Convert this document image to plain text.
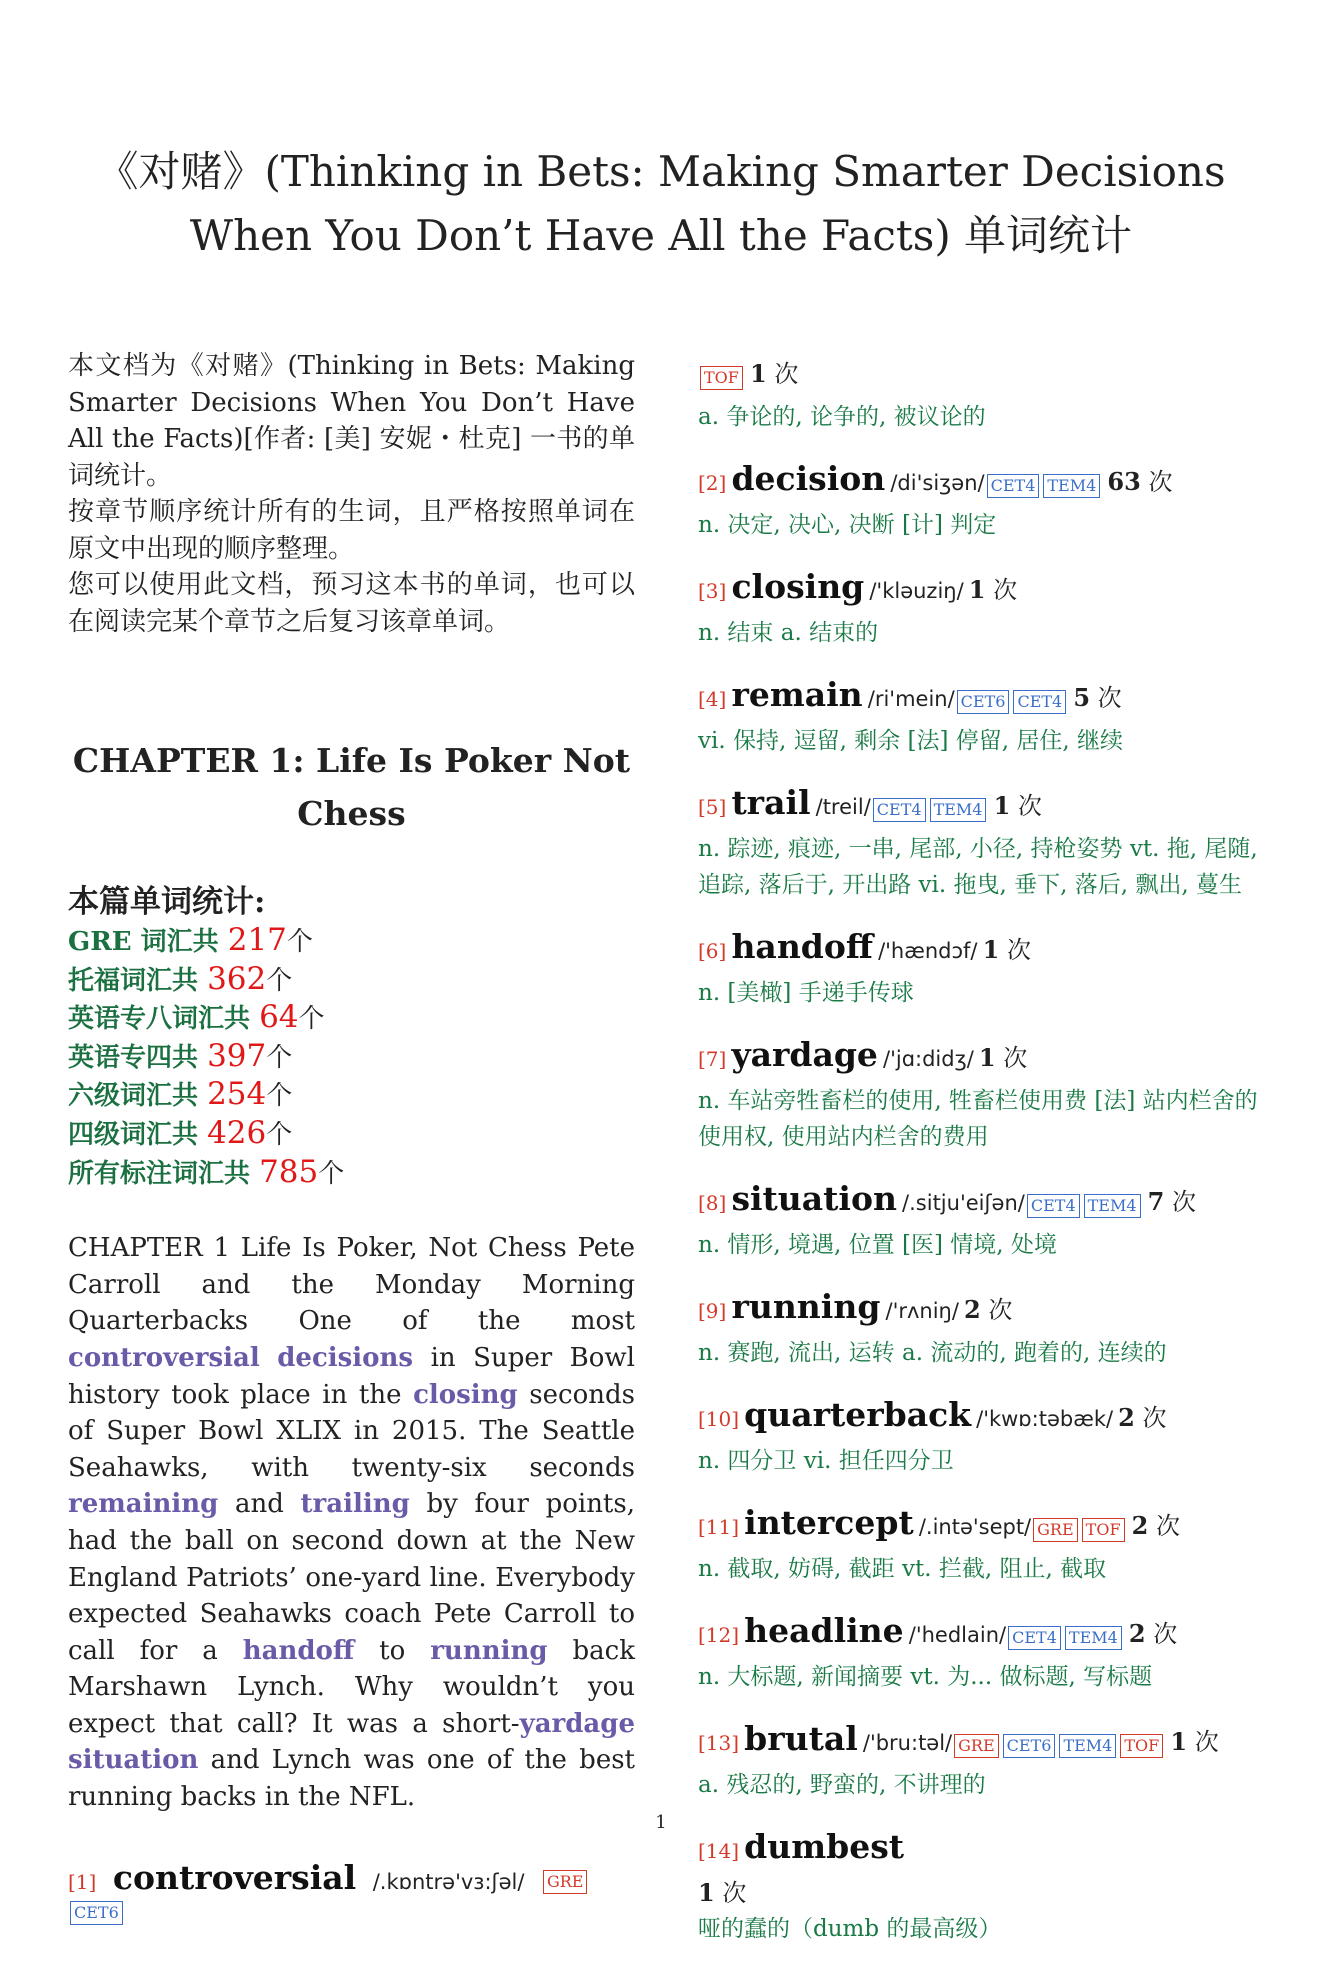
《对赌》(Thinking in Bets: Making Smarter Decisions When You Don’t Have All the Facts) 单词统计
本文档为《对赌》(Thinking in Bets: Making Smarter Decisions When You Don’t Have All the Facts)[作者: [美] 安妮・杜克] 一书的单词统计。
按章节顺序统计所有的生词，且严格按照单词在原文中出现的顺序整理。
您可以使用此文档，预习这本书的单词，也可以在阅读完某个章节之后复习该章单词。
CHAPTER 1: Life Is Poker Not Chess
本篇单词统计:
GRE 词汇共 217个
托福词汇共 362个
英语专八词汇共 64个
英语专四共 397个
六级词汇共 254个
四级词汇共 426个
所有标注词汇共 785个
CHAPTER 1 Life Is Poker, Not Chess Pete Carroll and the Monday Morning Quarterbacks One of the most controversial decisions in Super Bowl history took place in the closing seconds of Super Bowl XLIX in 2015. The Seattle Seahawks, with twenty-six seconds remaining and trailing by four points, had the ball on second down at the New England Patriots’ one-yard line. Everybody expected Seahawks coach Pete Carroll to call for a handoff to running back Marshawn Lynch. Why wouldn’t you expect that call? It was a short-yardage situation and Lynch was one of the best running backs in the NFL.
[1] controversial /.kɒntrə'vɜ:ʃəl/ GRE  CET6
TOF 1 次
a. 争论的, 论争的, 被议论的
[2] decision /di'siʒən/ CET4 TEM4 63 次
n. 决定, 决心, 决断 [计] 判定
[3] closing /'kləuziŋ/ 1 次
n. 结束 a. 结束的
[4] remain /ri'mein/ CET6 CET4 5 次
vi. 保持, 逗留, 剩余 [法] 停留, 居住, 继续
[5] trail /treil/ CET4 TEM4 1 次
n. 踪迹, 痕迹, 一串, 尾部, 小径, 持枪姿势 vt. 拖, 尾随, 追踪, 落后于, 开出路 vi. 拖曳, 垂下, 落后, 飘出, 蔓生
[6] handoff /'hændɔf/ 1 次
n. [美橄] 手递手传球
[7] yardage /'jɑ:didʒ/ 1 次
n. 车站旁牲畜栏的使用, 牲畜栏使用费 [法] 站内栏舍的使用权, 使用站内栏舍的费用
[8] situation /.sitju'eiʃən/ CET4 TEM4 7 次
n. 情形, 境遇, 位置 [医] 情境, 处境
[9] running /'rʌniŋ/ 2 次
n. 赛跑, 流出, 运转 a. 流动的, 跑着的, 连续的
[10] quarterback /'kwɒ:təbæk/ 2 次
n. 四分卫 vi. 担任四分卫
[11] intercept /.intə'sept/ GRE TOF 2 次
n. 截取, 妨碍, 截距 vt. 拦截, 阻止, 截取
[12] headline /'hedlain/ CET4 TEM4 2 次
n. 大标题, 新闻摘要 vt. 为... 做标题, 写标题
[13] brutal /'bru:təl/ GRE CET6 TEM4 TOF 1 次
a. 残忍的, 野蛮的, 不讲理的
[14] dumbest
1 次
哑的蠢的（dumb 的最高级）
1
